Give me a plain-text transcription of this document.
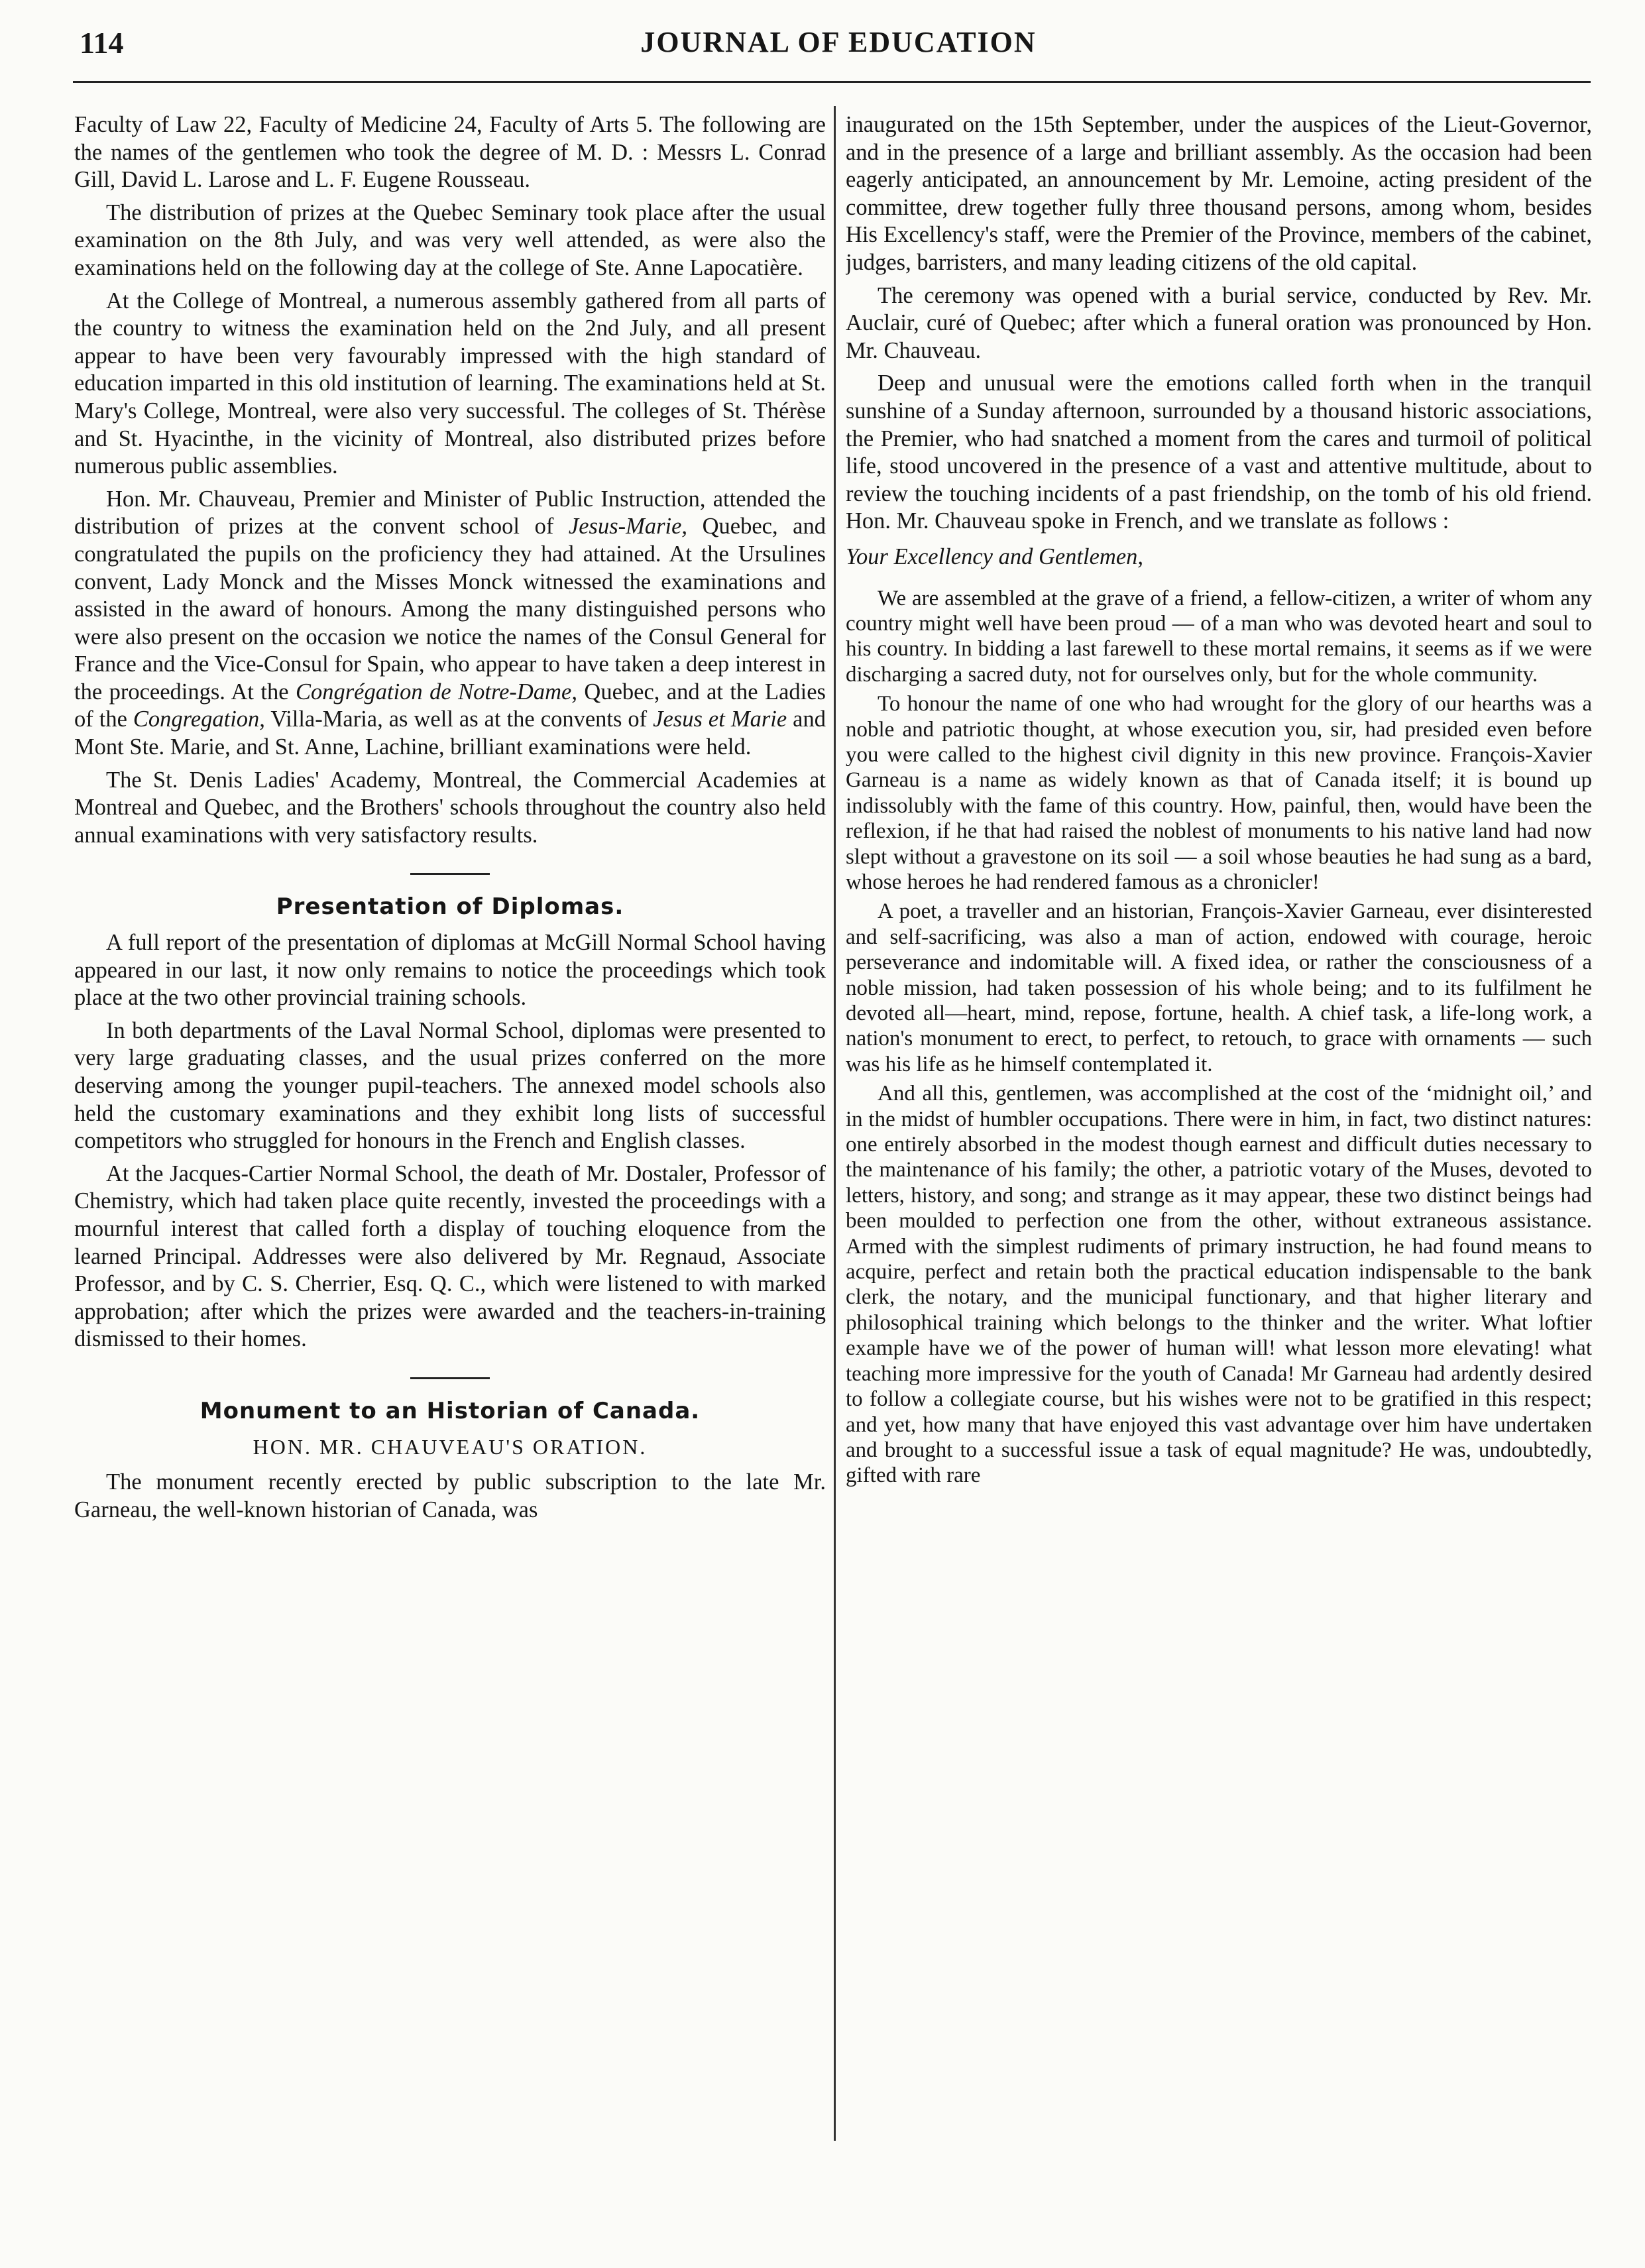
114	JOURNAL OF EDUCATION

Faculty of Law 22, Faculty of Medicine 24, Faculty of Arts 5. The following are the names of the gentlemen who took the degree of M. D. : Messrs L. Conrad Gill, David L. Larose and L. F. Eugene Rousseau.

The distribution of prizes at the Quebec Seminary took place after the usual examination on the 8th July, and was very well attended, as were also the examinations held on the following day at the college of Ste. Anne Lapocatière.

At the College of Montreal, a numerous assembly gathered from all parts of the country to witness the examination held on the 2nd July, and all present appear to have been very favourably impressed with the high standard of education imparted in this old institution of learning. The examinations held at St. Mary's College, Montreal, were also very successful. The colleges of St. Thérèse and St. Hyacinthe, in the vicinity of Montreal, also distributed prizes before numerous public assemblies.

Hon. Mr. Chauveau, Premier and Minister of Public Instruction, attended the distribution of prizes at the convent school of Jesus-Marie, Quebec, and congratulated the pupils on the proficiency they had attained. At the Ursulines convent, Lady Monck and the Misses Monck witnessed the examinations and assisted in the award of honours. Among the many distinguished persons who were also present on the occasion we notice the names of the Consul General for France and the Vice-Consul for Spain, who appear to have taken a deep interest in the proceedings. At the Congrégation de Notre-Dame, Quebec, and at the Ladies of the Congregation, Villa-Maria, as well as at the convents of Jesus et Marie and Mont Ste. Marie, and St. Anne, Lachine, brilliant examinations were held.

The St. Denis Ladies' Academy, Montreal, the Commercial Academies at Montreal and Quebec, and the Brothers' schools throughout the country also held annual examinations with very satisfactory results.

Presentation of Diplomas.

A full report of the presentation of diplomas at McGill Normal School having appeared in our last, it now only remains to notice the proceedings which took place at the two other provincial training schools.

In both departments of the Laval Normal School, diplomas were presented to very large graduating classes, and the usual prizes conferred on the more deserving among the younger pupil-teachers. The annexed model schools also held the customary examinations and they exhibit long lists of successful competitors who struggled for honours in the French and English classes.

At the Jacques-Cartier Normal School, the death of Mr. Dostaler, Professor of Chemistry, which had taken place quite recently, invested the proceedings with a mournful interest that called forth a display of touching eloquence from the learned Principal. Addresses were also delivered by Mr. Regnaud, Associate Professor, and by C. S. Cherrier, Esq. Q. C., which were listened to with marked approbation; after which the prizes were awarded and the teachers-in-training dismissed to their homes.

Monument to an Historian of Canada.
HON. MR. CHAUVEAU'S ORATION.

The monument recently erected by public subscription to the late Mr. Garneau, the well-known historian of Canada, was

inaugurated on the 15th September, under the auspices of the Lieut-Governor, and in the presence of a large and brilliant assembly. As the occasion had been eagerly anticipated, an announcement by Mr. Lemoine, acting president of the committee, drew together fully three thousand persons, among whom, besides His Excellency's staff, were the Premier of the Province, members of the cabinet, judges, barristers, and many leading citizens of the old capital.

The ceremony was opened with a burial service, conducted by Rev. Mr. Auclair, curé of Quebec; after which a funeral oration was pronounced by Hon. Mr. Chauveau.

Deep and unusual were the emotions called forth when in the tranquil sunshine of a Sunday afternoon, surrounded by a thousand historic associations, the Premier, who had snatched a moment from the cares and turmoil of political life, stood uncovered in the presence of a vast and attentive multitude, about to review the touching incidents of a past friendship, on the tomb of his old friend. Hon. Mr. Chauveau spoke in French, and we translate as follows :

Your Excellency and Gentlemen,

We are assembled at the grave of a friend, a fellow-citizen, a writer of whom any country might well have been proud — of a man who was devoted heart and soul to his country. In bidding a last farewell to these mortal remains, it seems as if we were discharging a sacred duty, not for ourselves only, but for the whole community.

To honour the name of one who had wrought for the glory of our hearths was a noble and patriotic thought, at whose execution you, sir, had presided even before you were called to the highest civil dignity in this new province. François-Xavier Garneau is a name as widely known as that of Canada itself; it is bound up indissolubly with the fame of this country. How, painful, then, would have been the reflexion, if he that had raised the noblest of monuments to his native land had now slept without a gravestone on its soil — a soil whose beauties he had sung as a bard, whose heroes he had rendered famous as a chronicler!

A poet, a traveller and an historian, François-Xavier Garneau, ever disinterested and self-sacrificing, was also a man of action, endowed with courage, heroic perseverance and indomitable will. A fixed idea, or rather the consciousness of a noble mission, had taken possession of his whole being; and to its fulfilment he devoted all—heart, mind, repose, fortune, health. A chief task, a life-long work, a nation's monument to erect, to perfect, to retouch, to grace with ornaments — such was his life as he himself contemplated it.

And all this, gentlemen, was accomplished at the cost of the ‘midnight oil,’ and in the midst of humbler occupations. There were in him, in fact, two distinct natures: one entirely absorbed in the modest though earnest and difficult duties necessary to the maintenance of his family; the other, a patriotic votary of the Muses, devoted to letters, history, and song; and strange as it may appear, these two distinct beings had been moulded to perfection one from the other, without extraneous assistance. Armed with the simplest rudiments of primary instruction, he had found means to acquire, perfect and retain both the practical education indispensable to the bank clerk, the notary, and the municipal functionary, and that higher literary and philosophical training which belongs to the thinker and the writer. What loftier example have we of the power of human will! what lesson more elevating! what teaching more impressive for the youth of Canada! Mr Garneau had ardently desired to follow a collegiate course, but his wishes were not to be gratified in this respect; and yet, how many that have enjoyed this vast advantage over him have undertaken and brought to a successful issue a task of equal magnitude? He was, undoubtedly, gifted with rare
